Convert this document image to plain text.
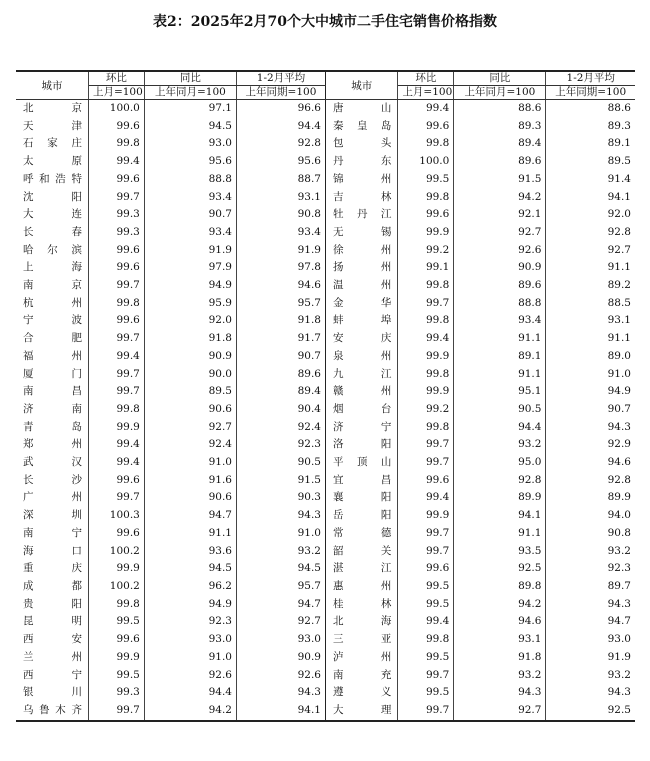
表2：2025年2月70个大中城市二手住宅销售价格指数
城市	环比	同比	1-2月平均	城市	环比	同比	1-2月平均
	上月=100	上年同月=100	上年同期=100		上月=100	上年同月=100	上年同期=100
北京	100.0	97.1	96.6	唐山	99.4	88.6	88.6
天津	99.6	94.5	94.4	秦皇岛	99.6	89.3	89.3
石家庄	99.8	93.0	92.8	包头	99.8	89.4	89.1
太原	99.4	95.6	95.6	丹东	100.0	89.6	89.5
呼和浩特	99.6	88.8	88.7	锦州	99.5	91.5	91.4
沈阳	99.7	93.4	93.1	吉林	99.8	94.2	94.1
大连	99.3	90.7	90.8	牡丹江	99.6	92.1	92.0
长春	99.3	93.4	93.4	无锡	99.9	92.7	92.8
哈尔滨	99.6	91.9	91.9	徐州	99.2	92.6	92.7
上海	99.6	97.9	97.8	扬州	99.1	90.9	91.1
南京	99.7	94.9	94.6	温州	99.8	89.6	89.2
杭州	99.8	95.9	95.7	金华	99.7	88.8	88.5
宁波	99.6	92.0	91.8	蚌埠	99.8	93.4	93.1
合肥	99.7	91.8	91.7	安庆	99.4	91.1	91.1
福州	99.4	90.9	90.7	泉州	99.9	89.1	89.0
厦门	99.7	90.0	89.6	九江	99.8	91.1	91.0
南昌	99.7	89.5	89.4	赣州	99.9	95.1	94.9
济南	99.8	90.6	90.4	烟台	99.2	90.5	90.7
青岛	99.9	92.7	92.4	济宁	99.8	94.4	94.3
郑州	99.4	92.4	92.3	洛阳	99.7	93.2	92.9
武汉	99.4	91.0	90.5	平顶山	99.7	95.0	94.6
长沙	99.6	91.6	91.5	宜昌	99.6	92.8	92.8
广州	99.7	90.6	90.3	襄阳	99.4	89.9	89.9
深圳	100.3	94.7	94.3	岳阳	99.9	94.1	94.0
南宁	99.6	91.1	91.0	常德	99.7	91.1	90.8
海口	100.2	93.6	93.2	韶关	99.7	93.5	93.2
重庆	99.9	94.5	94.5	湛江	99.6	92.5	92.3
成都	100.2	96.2	95.7	惠州	99.5	89.8	89.7
贵阳	99.8	94.9	94.7	桂林	99.5	94.2	94.3
昆明	99.5	92.3	92.7	北海	99.4	94.6	94.7
西安	99.6	93.0	93.0	三亚	99.8	93.1	93.0
兰州	99.9	91.0	90.9	泸州	99.5	91.8	91.9
西宁	99.5	92.6	92.6	南充	99.7	93.2	93.2
银川	99.3	94.4	94.3	遵义	99.5	94.3	94.3
乌鲁木齐	99.7	94.2	94.1	大理	99.7	92.7	92.5
